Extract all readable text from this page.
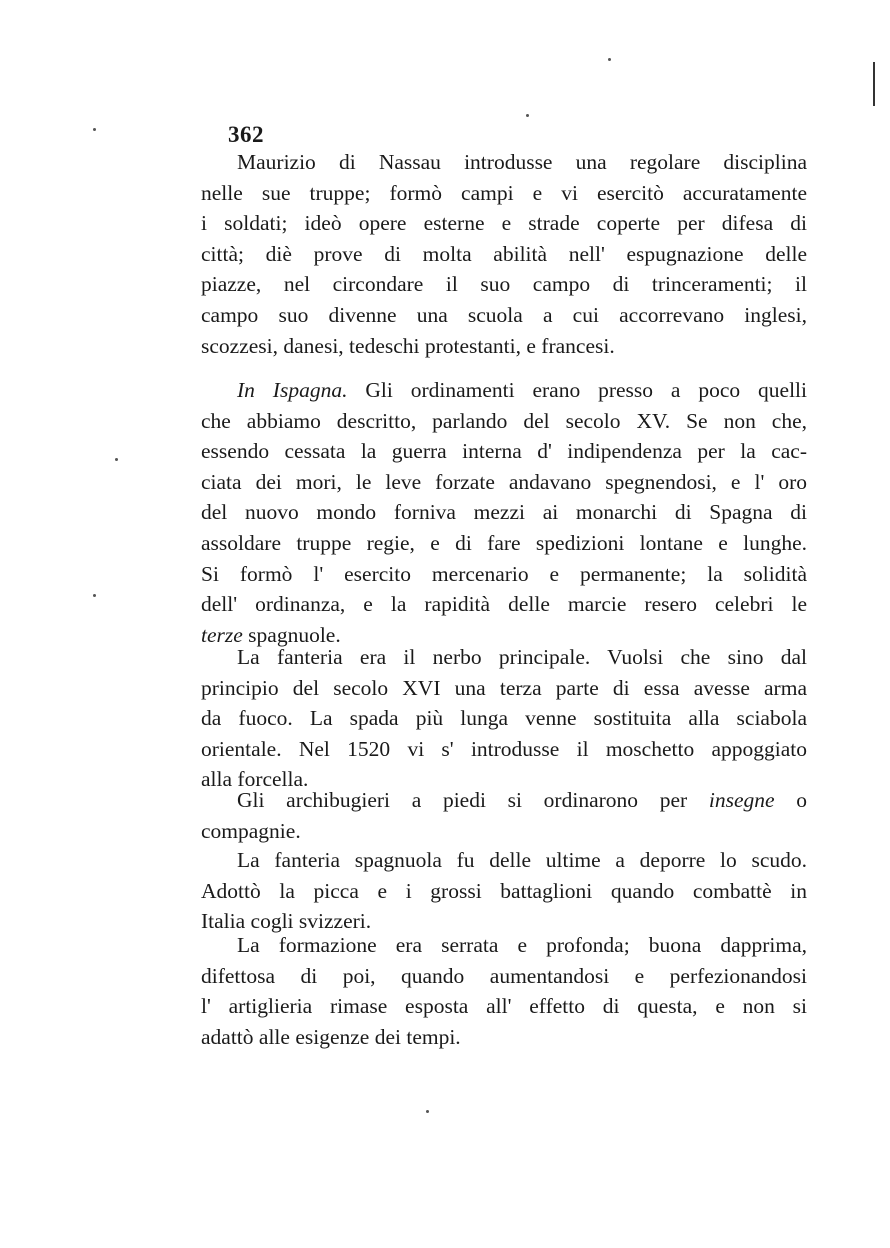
362
Maurizio di Nassau introdusse una regolare disciplina
nelle sue truppe; formò campi e vi esercitò accuratamente
i soldati; ideò opere esterne e strade coperte per difesa di
città; diè prove di molta abilità nell' espugnazione delle
piazze, nel circondare il suo campo di trinceramenti; il
campo suo divenne una scuola a cui accorrevano inglesi,
scozzesi, danesi, tedeschi protestanti, e francesi.
In Ispagna. Gli ordinamenti erano presso a poco quelli
che abbiamo descritto, parlando del secolo XV. Se non che,
essendo cessata la guerra interna d' indipendenza per la cac-
ciata dei mori, le leve forzate andavano spegnendosi, e l' oro
del nuovo mondo forniva mezzi ai monarchi di Spagna di
assoldare truppe regie, e di fare spedizioni lontane e lunghe.
Si formò l' esercito mercenario e permanente; la solidità
dell' ordinanza, e la rapidità delle marcie resero celebri le
terze spagnuole.
La fanteria era il nerbo principale. Vuolsi che sino dal
principio del secolo XVI una terza parte di essa avesse arma
da fuoco. La spada più lunga venne sostituita alla sciabola
orientale. Nel 1520 vi s' introdusse il moschetto appoggiato
alla forcella.
Gli archibugieri a piedi si ordinarono per insegne o
compagnie.
La fanteria spagnuola fu delle ultime a deporre lo scudo.
Adottò la picca e i grossi battaglioni quando combattè in
Italia cogli svizzeri.
La formazione era serrata e profonda; buona dapprima,
difettosa di poi, quando aumentandosi e perfezionandosi
l' artiglieria rimase esposta all' effetto di questa, e non si
adattò alle esigenze dei tempi.
